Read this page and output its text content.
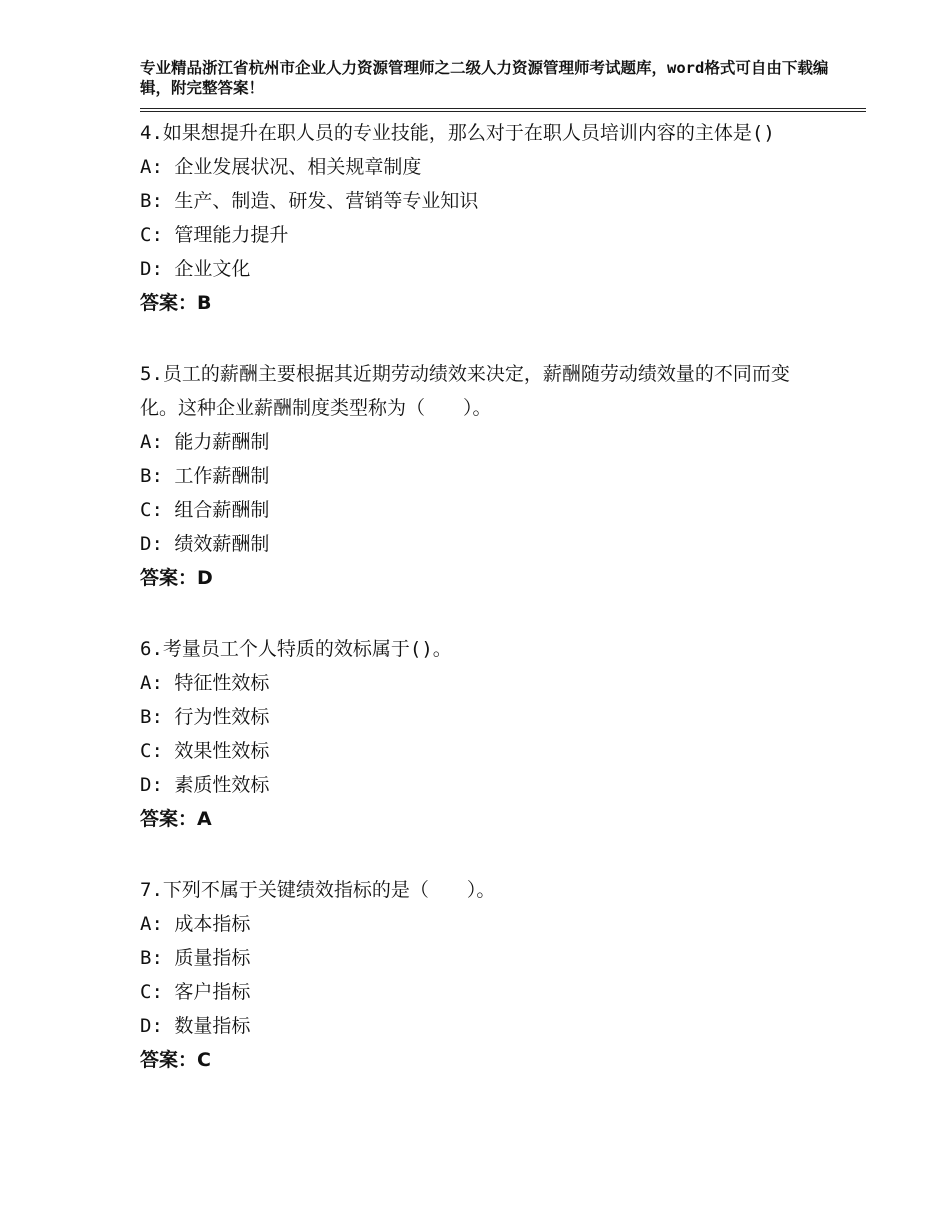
专业精品浙江省杭州市企业人力资源管理师之二级人力资源管理师考试题库，word格式可自由下载编辑，附完整答案！

4.如果想提升在职人员的专业技能，那么对于在职人员培训内容的主体是()

A: 企业发展状况、相关规章制度

B: 生产、制造、研发、营销等专业知识

C: 管理能力提升

D: 企业文化

答案：B

5.员工的薪酬主要根据其近期劳动绩效来决定，薪酬随劳动绩效量的不同而变化。这种企业薪酬制度类型称为（　　）。

A: 能力薪酬制

B: 工作薪酬制

C: 组合薪酬制

D: 绩效薪酬制

答案：D

6.考量员工个人特质的效标属于()。

A: 特征性效标

B: 行为性效标

C: 效果性效标

D: 素质性效标

答案：A

7.下列不属于关键绩效指标的是（　　）。

A: 成本指标

B: 质量指标

C: 客户指标

D: 数量指标

答案：C
